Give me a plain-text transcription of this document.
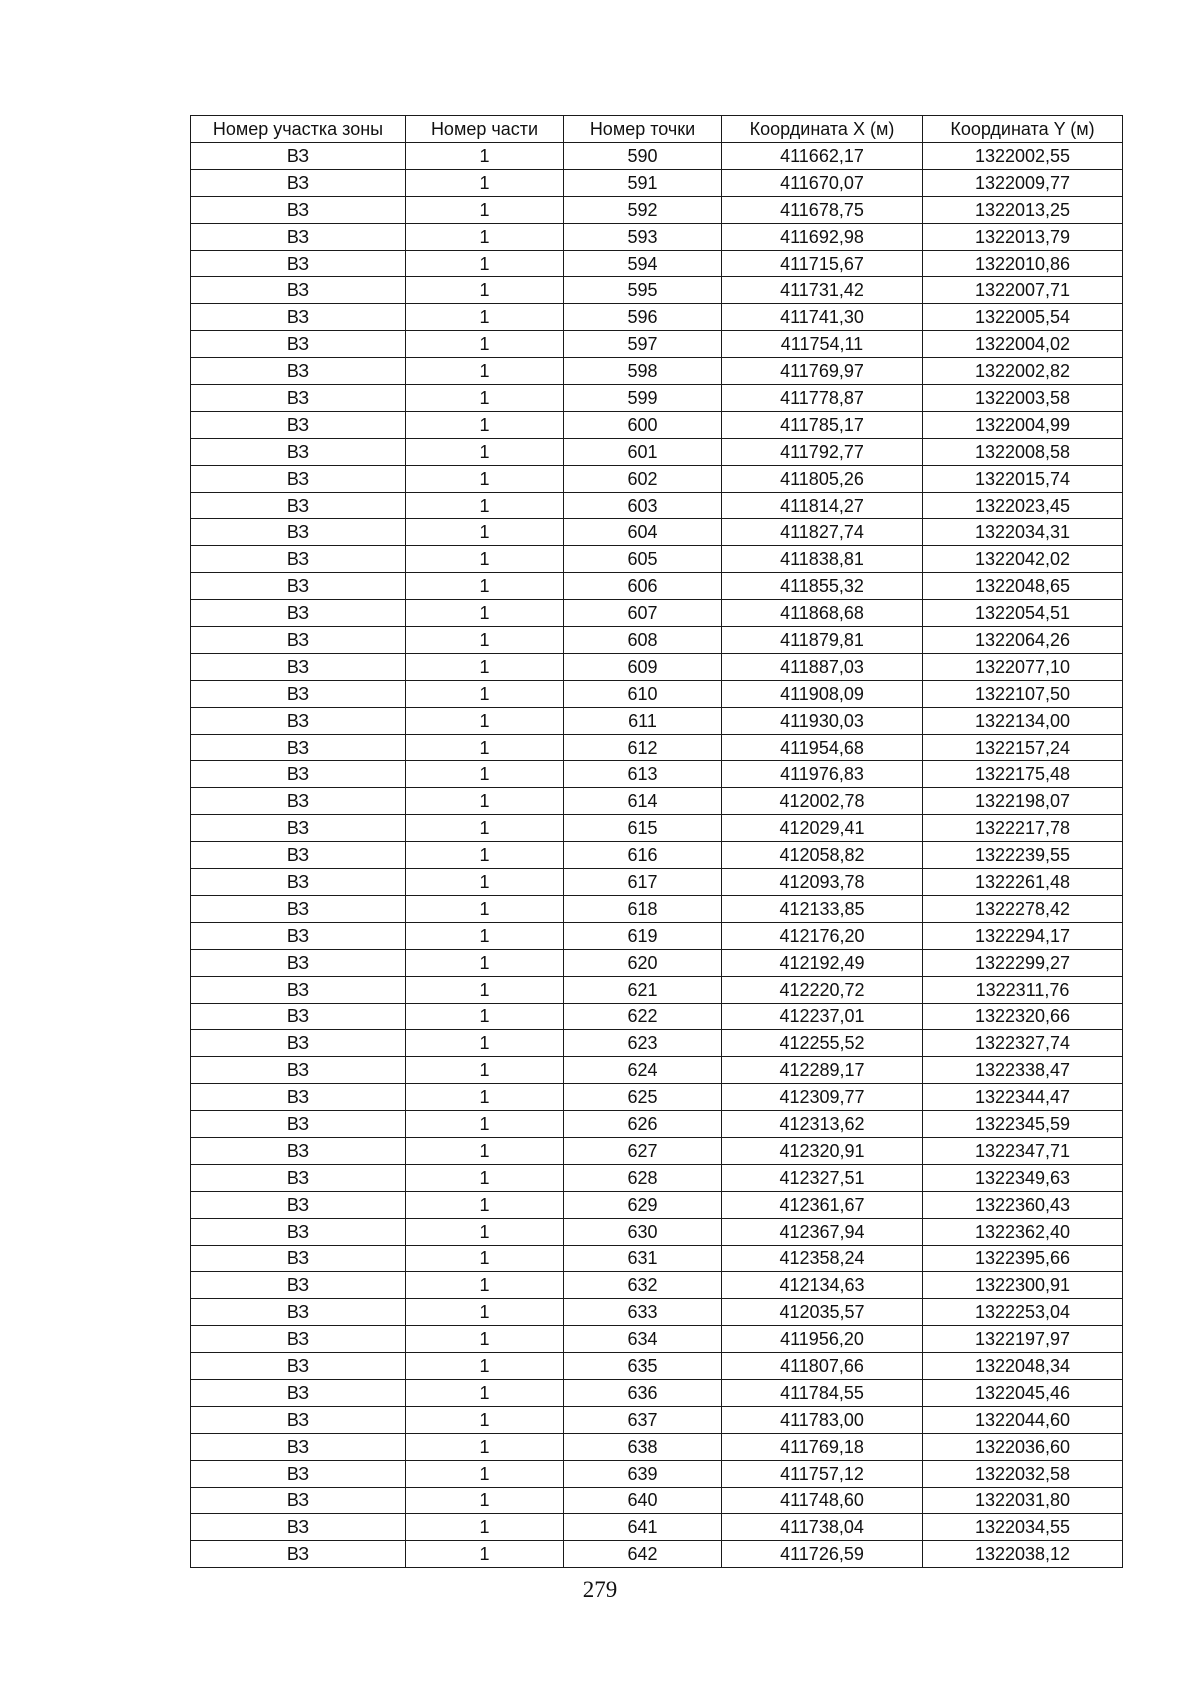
Номер участка зоны	Номер части	Номер точки	Координата X (м)	Координата Y (м)
ВЗ	1	590	411662,17	1322002,55
ВЗ	1	591	411670,07	1322009,77
ВЗ	1	592	411678,75	1322013,25
ВЗ	1	593	411692,98	1322013,79
ВЗ	1	594	411715,67	1322010,86
ВЗ	1	595	411731,42	1322007,71
ВЗ	1	596	411741,30	1322005,54
ВЗ	1	597	411754,11	1322004,02
ВЗ	1	598	411769,97	1322002,82
ВЗ	1	599	411778,87	1322003,58
ВЗ	1	600	411785,17	1322004,99
ВЗ	1	601	411792,77	1322008,58
ВЗ	1	602	411805,26	1322015,74
ВЗ	1	603	411814,27	1322023,45
ВЗ	1	604	411827,74	1322034,31
ВЗ	1	605	411838,81	1322042,02
ВЗ	1	606	411855,32	1322048,65
ВЗ	1	607	411868,68	1322054,51
ВЗ	1	608	411879,81	1322064,26
ВЗ	1	609	411887,03	1322077,10
ВЗ	1	610	411908,09	1322107,50
ВЗ	1	611	411930,03	1322134,00
ВЗ	1	612	411954,68	1322157,24
ВЗ	1	613	411976,83	1322175,48
ВЗ	1	614	412002,78	1322198,07
ВЗ	1	615	412029,41	1322217,78
ВЗ	1	616	412058,82	1322239,55
ВЗ	1	617	412093,78	1322261,48
ВЗ	1	618	412133,85	1322278,42
ВЗ	1	619	412176,20	1322294,17
ВЗ	1	620	412192,49	1322299,27
ВЗ	1	621	412220,72	1322311,76
ВЗ	1	622	412237,01	1322320,66
ВЗ	1	623	412255,52	1322327,74
ВЗ	1	624	412289,17	1322338,47
ВЗ	1	625	412309,77	1322344,47
ВЗ	1	626	412313,62	1322345,59
ВЗ	1	627	412320,91	1322347,71
ВЗ	1	628	412327,51	1322349,63
ВЗ	1	629	412361,67	1322360,43
ВЗ	1	630	412367,94	1322362,40
ВЗ	1	631	412358,24	1322395,66
ВЗ	1	632	412134,63	1322300,91
ВЗ	1	633	412035,57	1322253,04
ВЗ	1	634	411956,20	1322197,97
ВЗ	1	635	411807,66	1322048,34
ВЗ	1	636	411784,55	1322045,46
ВЗ	1	637	411783,00	1322044,60
ВЗ	1	638	411769,18	1322036,60
ВЗ	1	639	411757,12	1322032,58
ВЗ	1	640	411748,60	1322031,80
ВЗ	1	641	411738,04	1322034,55
ВЗ	1	642	411726,59	1322038,12
279
